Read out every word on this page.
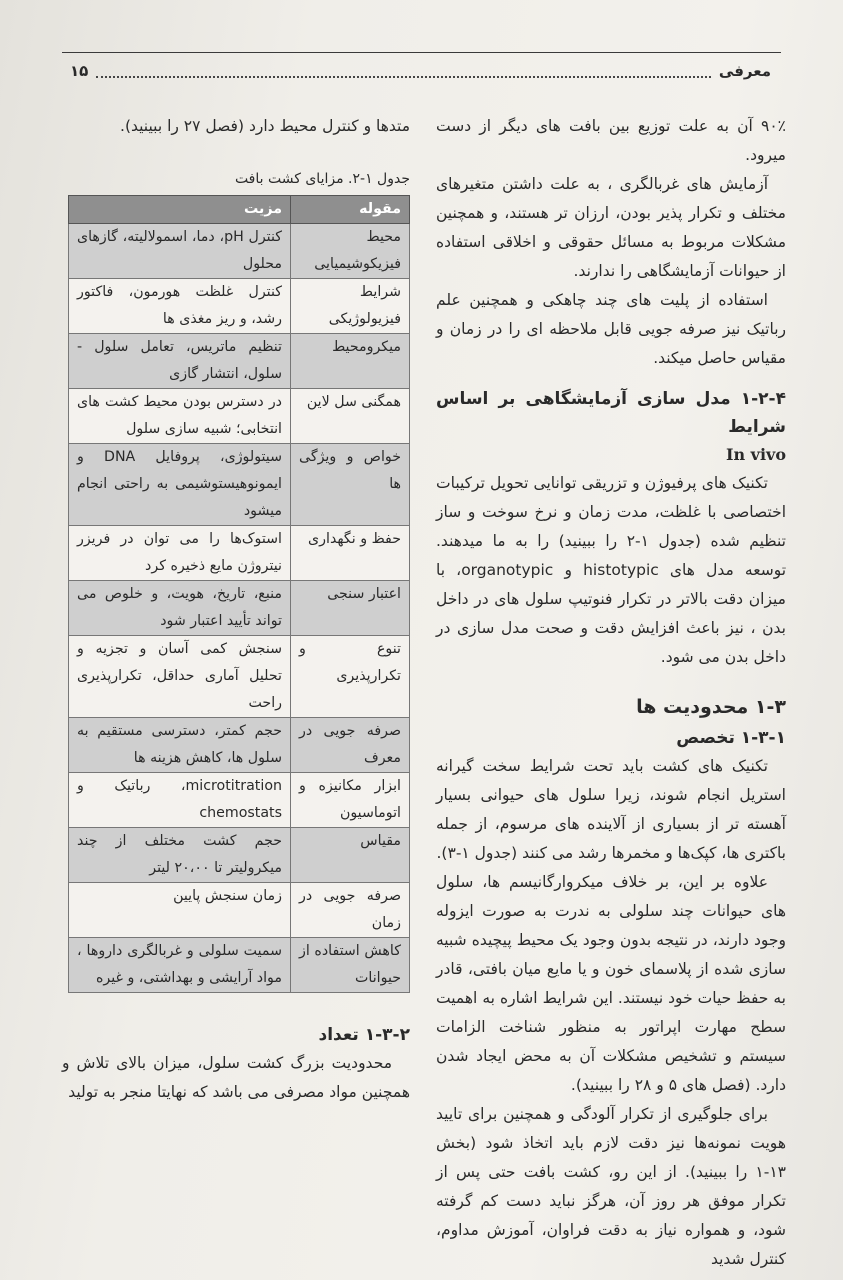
معرفی
۱۵

۹۰٪ آن به علت توزیع بین بافت های دیگر از دست میرود.

آزمایش های غربالگری ، به علت داشتن متغیرهای مختلف و تکرار پذیر بودن، ارزان تر هستند، و همچنین مشکلات مربوط به مسائل حقوقی و اخلاقی استفاده از حیوانات آزمایشگاهی را ندارند.

استفاده از پلیت های چند چاهکی و همچنین علم رباتیک نیز صرفه جویی قابل ملاحظه ای را در زمان و مقیاس حاصل میکند.

۱-۲-۴ مدل سازی آزمایشگاهی بر اساس شرایط
In vivo

تکنیک های پرفیوژن و تزریقی توانایی تحویل ترکیبات اختصاصی با غلظت، مدت زمان و نرخ سوخت و ساز تنظیم شده (جدول ۱-۲ را ببینید) را به ما میدهند. توسعه مدل های histotypic و organotypic، با میزان دقت بالاتر در تکرار فنوتیپ سلول های در داخل بدن ، نیز باعث افزایش دقت و صحت مدل سازی در داخل بدن می شود.

۱-۳ محدودیت ها
۱-۳-۱ تخصص

تکنیک های کشت باید تحت شرایط سخت گیرانه استریل انجام شوند، زیرا سلول های حیوانی بسیار آهسته تر از بسیاری از آلاینده های مرسوم، از جمله باکتری ها، کپک‌ها و مخمرها رشد می کنند (جدول ۱-۳).

علاوه بر این، بر خلاف میکروارگانیسم ها، سلول های حیوانات چند سلولی به ندرت به صورت ایزوله وجود دارند، در نتیجه بدون وجود یک محیط پیچیده شبیه سازی شده از پلاسمای خون و یا مایع میان بافتی، قادر به حفظ حیات خود نیستند. این شرایط اشاره به اهمیت سطح مهارت اپراتور به منظور شناخت الزامات سیستم و تشخیص مشکلات آن به محض ایجاد شدن دارد. (فصل های ۵ و ۲۸ را ببینید).

برای جلوگیری از تکرار آلودگی و همچنین برای تایید هویت نمونه‌ها نیز دقت لازم باید اتخاذ شود (بخش ۱۳-۱ را ببینید). از این رو، کشت بافت حتی پس از تکرار موفق هر روز آن، هرگز نباید دست کم گرفته شود، و همواره نیاز به دقت فراوان، آموزش مداوم، کنترل شدید

متدها و کنترل محیط دارد (فصل ۲۷ را ببینید).

جدول ۱-۲. مزایای کشت بافت

مقوله	مزیت
محیط فیزیکوشیمیایی	کنترل pH، دما، اسمولالیته، گازهای محلول
شرایط فیزیولوژیکی	کنترل غلظت هورمون، فاکتور رشد، و ریز مغذی ها
میکرومحیط	تنظیم ماتریس، تعامل سلول - سلول، انتشار گازی
همگنی سل لاین	در دسترس بودن محیط کشت های انتخابی؛ شبیه سازی سلول
خواص و ویژگی ها	سیتولوژی، پروفایل DNA و ایمونوهیستوشیمی به راحتی انجام میشود
حفظ و نگهداری	استوک‌ها را می توان در فریزر نیتروژن مایع ذخیره کرد
اعتبار سنجی	منبع، تاریخ، هویت، و خلوص می تواند تأیید اعتبار شود
تنوع و تکرارپذیری	سنجش کمی آسان و تجزیه و تحلیل آماری حداقل، تکرارپذیری راحت
صرفه جویی در معرف	حجم کمتر، دسترسی مستقیم به سلول ها، کاهش هزینه ها
ابزار مکانیزه و اتوماسیون	microtitration، رباتیک و chemostats
مقیاس	حجم کشت مختلف از چند میکرولیتر تا ۲۰،۰۰ لیتر
صرفه جویی در زمان	زمان سنجش پایین
کاهش استفاده از حیوانات	سمیت سلولی و غربالگری داروها ، مواد آرایشی و بهداشتی، و غیره
۱-۳-۲ تعداد

محدودیت بزرگ کشت سلول، میزان بالای تلاش و همچنین مواد مصرفی می باشد که نهایتا منجر به تولید
